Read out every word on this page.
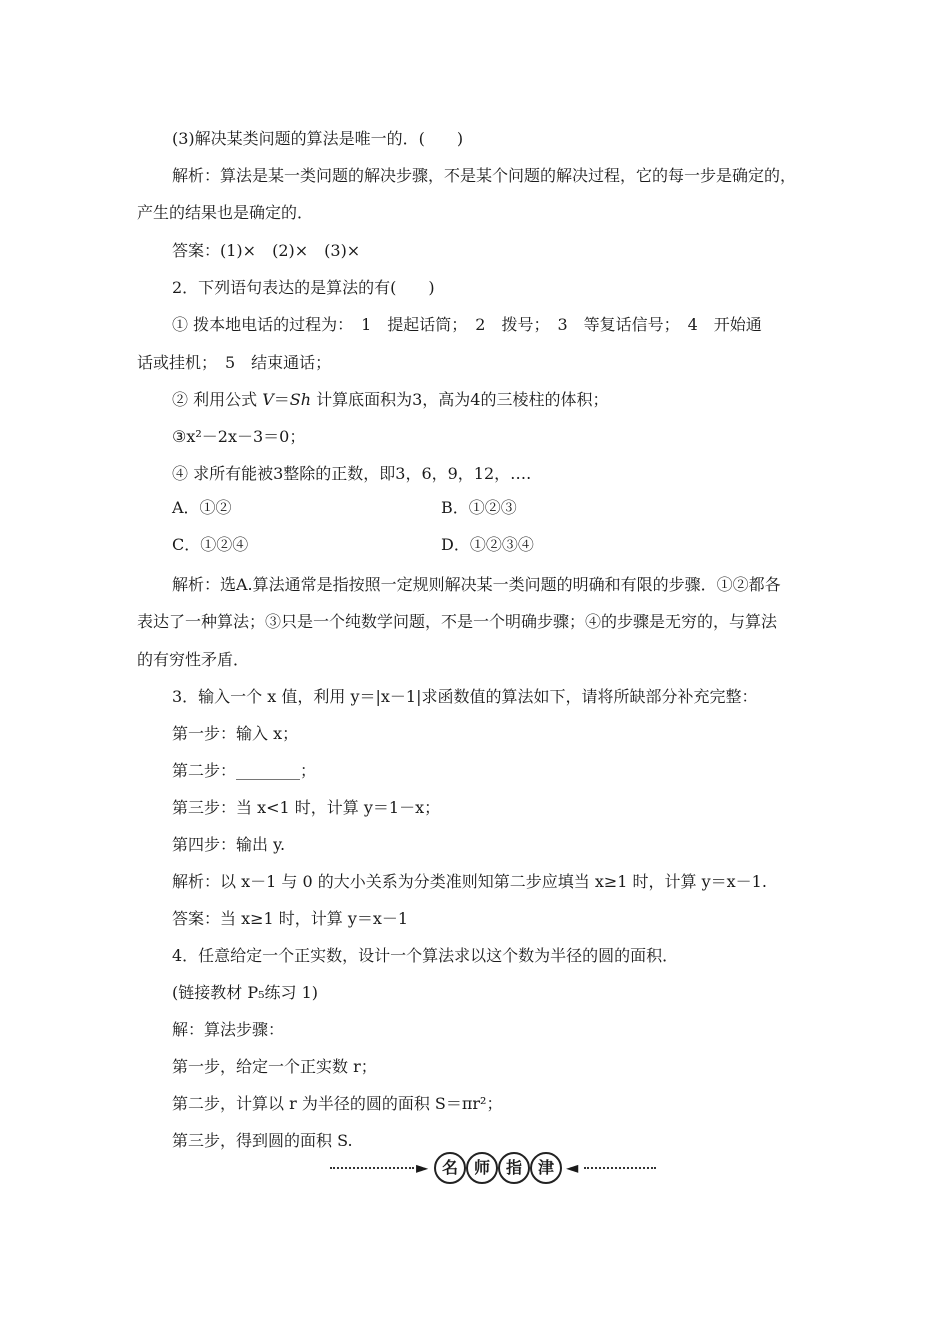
(3)解决某类问题的算法是唯一的．(　　)
解析：算法是某一类问题的解决步骤，不是某个问题的解决过程，它的每一步是确定的，
产生的结果也是确定的．
答案：(1)×　(2)×　(3)×
2．下列语句表达的是算法的有(　　)
① 拨本地电话的过程为：　1　提起话筒；　2　拨号；　3　等复话信号；　4　开始通
话或挂机；　5　结束通话；
② 利用公式 V＝Sh 计算底面积为3，高为4的三棱柱的体积；
③x²－2x－3＝0；
④ 求所有能被3整除的正数，即3，6，9，12，….
A．①②	B．①②③
C．①②④	D．①②③④
解析：选A.算法通常是指按照一定规则解决某一类问题的明确和有限的步骤．①②都各
表达了一种算法；③只是一个纯数学问题，不是一个明确步骤；④的步骤是无穷的，与算法
的有穷性矛盾．
3．输入一个 x 值，利用 y＝|x－1|求函数值的算法如下，请将所缺部分补充完整：
第一步：输入 x；
第二步：________；
第三步：当 x<1 时，计算 y＝1－x；
第四步：输出 y.
解析：以 x－1 与 0 的大小关系为分类准则知第二步应填当 x≥1 时，计算 y＝x－1.
答案：当 x≥1 时，计算 y＝x－1
4．任意给定一个正实数，设计一个算法求以这个数为半径的圆的面积．
(链接教材 P₅练习 1)
解：算法步骤：
第一步，给定一个正实数 r；
第二步，计算以 r 为半径的圆的面积 S＝πr²；
第三步，得到圆的面积 S.
► 名 师 指 津 ◄
